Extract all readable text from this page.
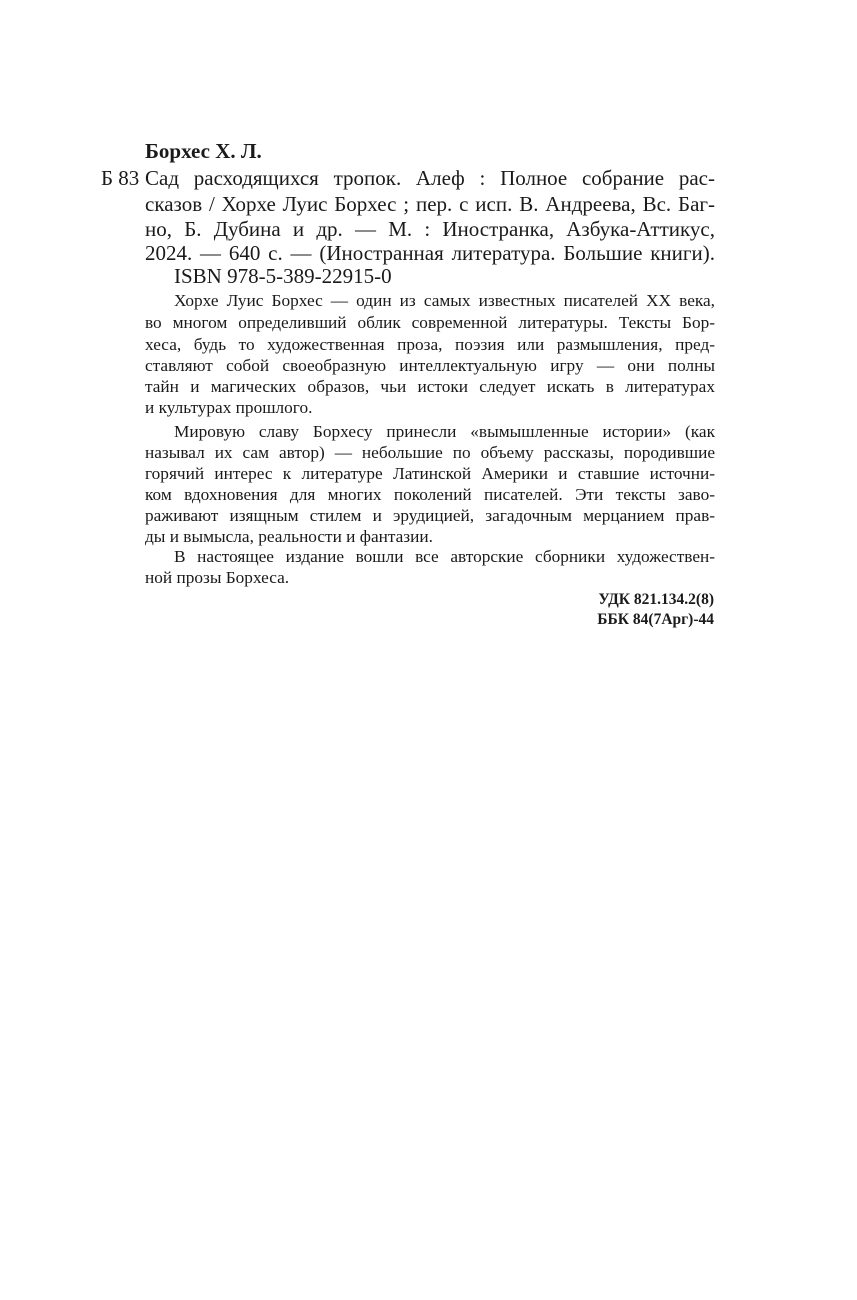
Борхес Х. Л.
Б 83 Сад расходящихся тропок. Алеф : Полное собрание рас-
сказов / Хорхе Луис Борхес ; пер. с исп. В. Андреева, Вс. Баг-
но, Б. Дубина и др. — М. : Иностранка, Азбука-Аттикус,
2024. — 640 с. — (Иностранная литература. Большие книги).
ISBN 978-5-389-22915-0
Хорхе Луис Борхес — один из самых известных писателей XX века,
во многом определивший облик современной литературы. Тексты Бор-
хеса, будь то художественная проза, поэзия или размышления, пред-
ставляют собой своеобразную интеллектуальную игру — они полны
тайн и магических образов, чьи истоки следует искать в литературах
и культурах прошлого.
Мировую славу Борхесу принесли «вымышленные истории» (как
называл их сам автор) — небольшие по объему рассказы, породившие
горячий интерес к литературе Латинской Америки и ставшие источни-
ком вдохновения для многих поколений писателей. Эти тексты заво-
раживают изящным стилем и эрудицией, загадочным мерцанием прав-
ды и вымысла, реальности и фантазии.
В настоящее издание вошли все авторские сборники художествен-
ной прозы Борхеса.
УДК 821.134.2(8)
ББК 84(7Арг)-44
